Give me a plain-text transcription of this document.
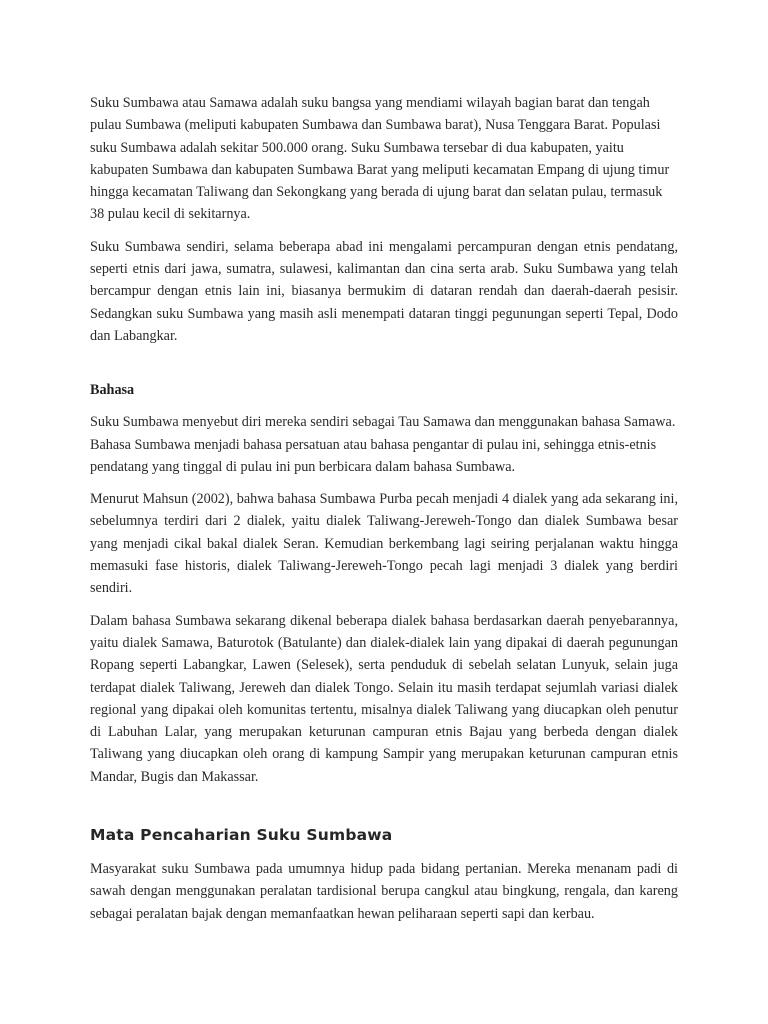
Suku Sumbawa atau Samawa adalah suku bangsa yang mendiami wilayah bagian barat dan tengah pulau Sumbawa (meliputi kabupaten Sumbawa dan Sumbawa barat), Nusa Tenggara Barat. Populasi suku Sumbawa adalah sekitar 500.000 orang. Suku Sumbawa tersebar di dua kabupaten, yaitu kabupaten Sumbawa dan kabupaten Sumbawa Barat yang meliputi kecamatan Empang di ujung timur hingga kecamatan Taliwang dan Sekongkang yang berada di ujung barat dan selatan pulau, termasuk 38 pulau kecil di sekitarnya.

Suku Sumbawa sendiri, selama beberapa abad ini mengalami percampuran dengan etnis pendatang, seperti etnis dari jawa, sumatra, sulawesi, kalimantan dan cina serta arab. Suku Sumbawa yang telah bercampur dengan etnis lain ini, biasanya bermukim di dataran rendah dan daerah-daerah pesisir. Sedangkan suku Sumbawa yang masih asli menempati dataran tinggi pegunungan seperti Tepal, Dodo dan Labangkar.

Bahasa

Suku Sumbawa menyebut diri mereka sendiri sebagai Tau Samawa dan menggunakan bahasa Samawa. Bahasa Sumbawa menjadi bahasa persatuan atau bahasa pengantar di pulau ini, sehingga etnis-etnis pendatang yang tinggal di pulau ini pun berbicara dalam bahasa Sumbawa.

Menurut Mahsun (2002), bahwa bahasa Sumbawa Purba pecah menjadi 4 dialek yang ada sekarang ini, sebelumnya terdiri dari 2 dialek, yaitu dialek Taliwang-Jereweh-Tongo dan dialek Sumbawa besar yang menjadi cikal bakal dialek Seran. Kemudian berkembang lagi seiring perjalanan waktu hingga memasuki fase historis, dialek Taliwang-Jereweh-Tongo pecah lagi menjadi 3 dialek yang berdiri sendiri.

Dalam bahasa Sumbawa sekarang dikenal beberapa dialek bahasa berdasarkan daerah penyebarannya, yaitu dialek Samawa, Baturotok (Batulante) dan dialek-dialek lain yang dipakai di daerah pegunungan Ropang seperti Labangkar, Lawen (Selesek), serta penduduk di sebelah selatan Lunyuk, selain juga terdapat dialek Taliwang, Jereweh dan dialek Tongo. Selain itu masih terdapat sejumlah variasi dialek regional yang dipakai oleh komunitas tertentu, misalnya dialek Taliwang yang diucapkan oleh penutur di Labuhan Lalar, yang merupakan keturunan campuran etnis Bajau yang berbeda dengan dialek Taliwang yang diucapkan oleh orang di kampung Sampir yang merupakan keturunan campuran etnis Mandar, Bugis dan Makassar.

Mata Pencaharian Suku Sumbawa

Masyarakat suku Sumbawa pada umumnya hidup pada bidang pertanian. Mereka menanam padi di sawah dengan menggunakan peralatan tardisional berupa cangkul atau bingkung, rengala, dan kareng sebagai peralatan bajak dengan memanfaatkan hewan peliharaan seperti sapi dan kerbau.
